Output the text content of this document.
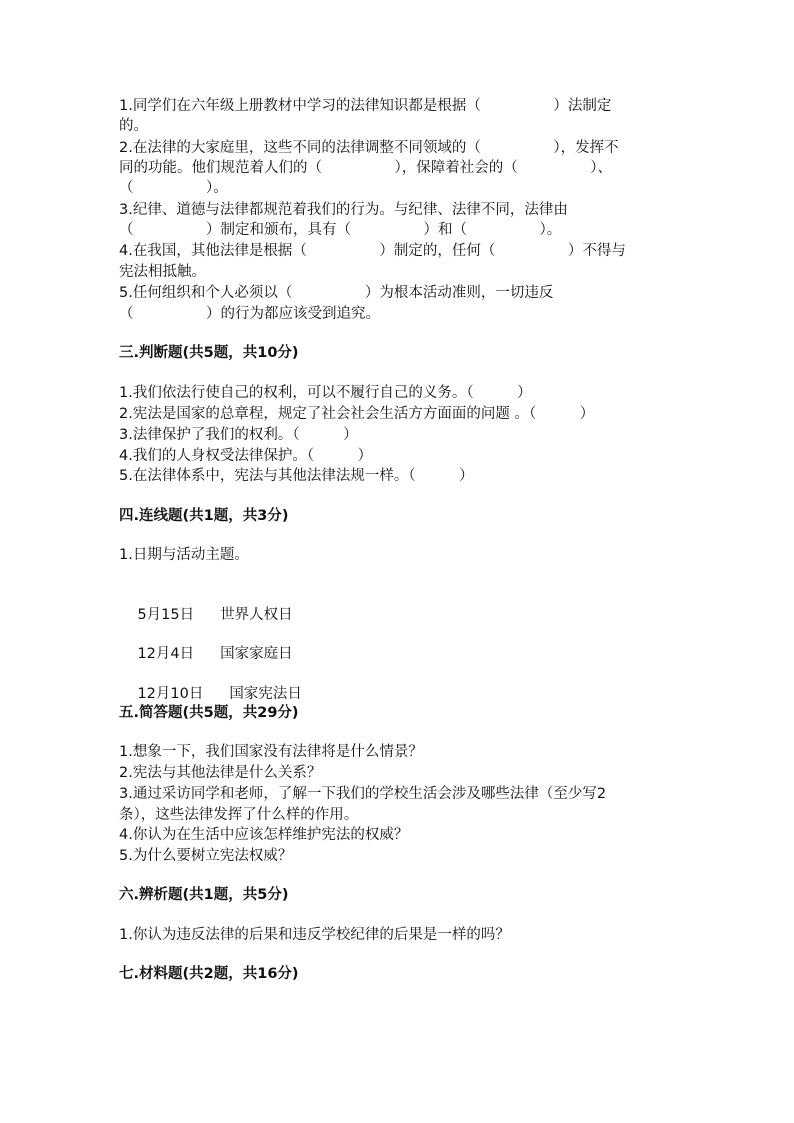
1.同学们在六年级上册教材中学习的法律知识都是根据（　　　　　）法制定
的。
2.在法律的大家庭里，这些不同的法律调整不同领域的（　　　　　），发挥不
同的功能。他们规范着人们的（　　　　　），保障着社会的（　　　　　）、
（　　　　　）。
3.纪律、道德与法律都规范着我们的行为。与纪律、法律不同，法律由
（　　　　　）制定和颁布，具有（　　　　　）和（　　　　　）。
4.在我国，其他法律是根据（　　　　　）制定的，任何（　　　　　）不得与
宪法相抵触。
5.任何组织和个人必须以（　　　　　）为根本活动准则，一切违反
（　　　　　）的行为都应该受到追究。
三.判断题(共5题，共10分)
1.我们依法行使自己的权利，可以不履行自己的义务。（　　　）
2.宪法是国家的总章程，规定了社会社会生活方方面面的问题 。（　　　）
3.法律保护了我们的权利。（　　　）
4.我们的人身权受法律保护。（　　　）
5.在法律体系中，宪法与其他法律法规一样。（　　　）
四.连线题(共1题，共3分)
1.日期与活动主题。

5月15日 世界人权日

12月4日 国家家庭日

12月10日 国家宪法日

五.简答题(共5题，共29分)
1.想象一下，我们国家没有法律将是什么情景？
2.宪法与其他法律是什么关系？
3.通过采访同学和老师，了解一下我们的学校生活会涉及哪些法律（至少写2
条），这些法律发挥了什么样的作用。
4.你认为在生活中应该怎样维护宪法的权威？
5.为什么要树立宪法权威？
六.辨析题(共1题，共5分)
1.你认为违反法律的后果和违反学校纪律的后果是一样的吗？
七.材料题(共2题，共16分)
